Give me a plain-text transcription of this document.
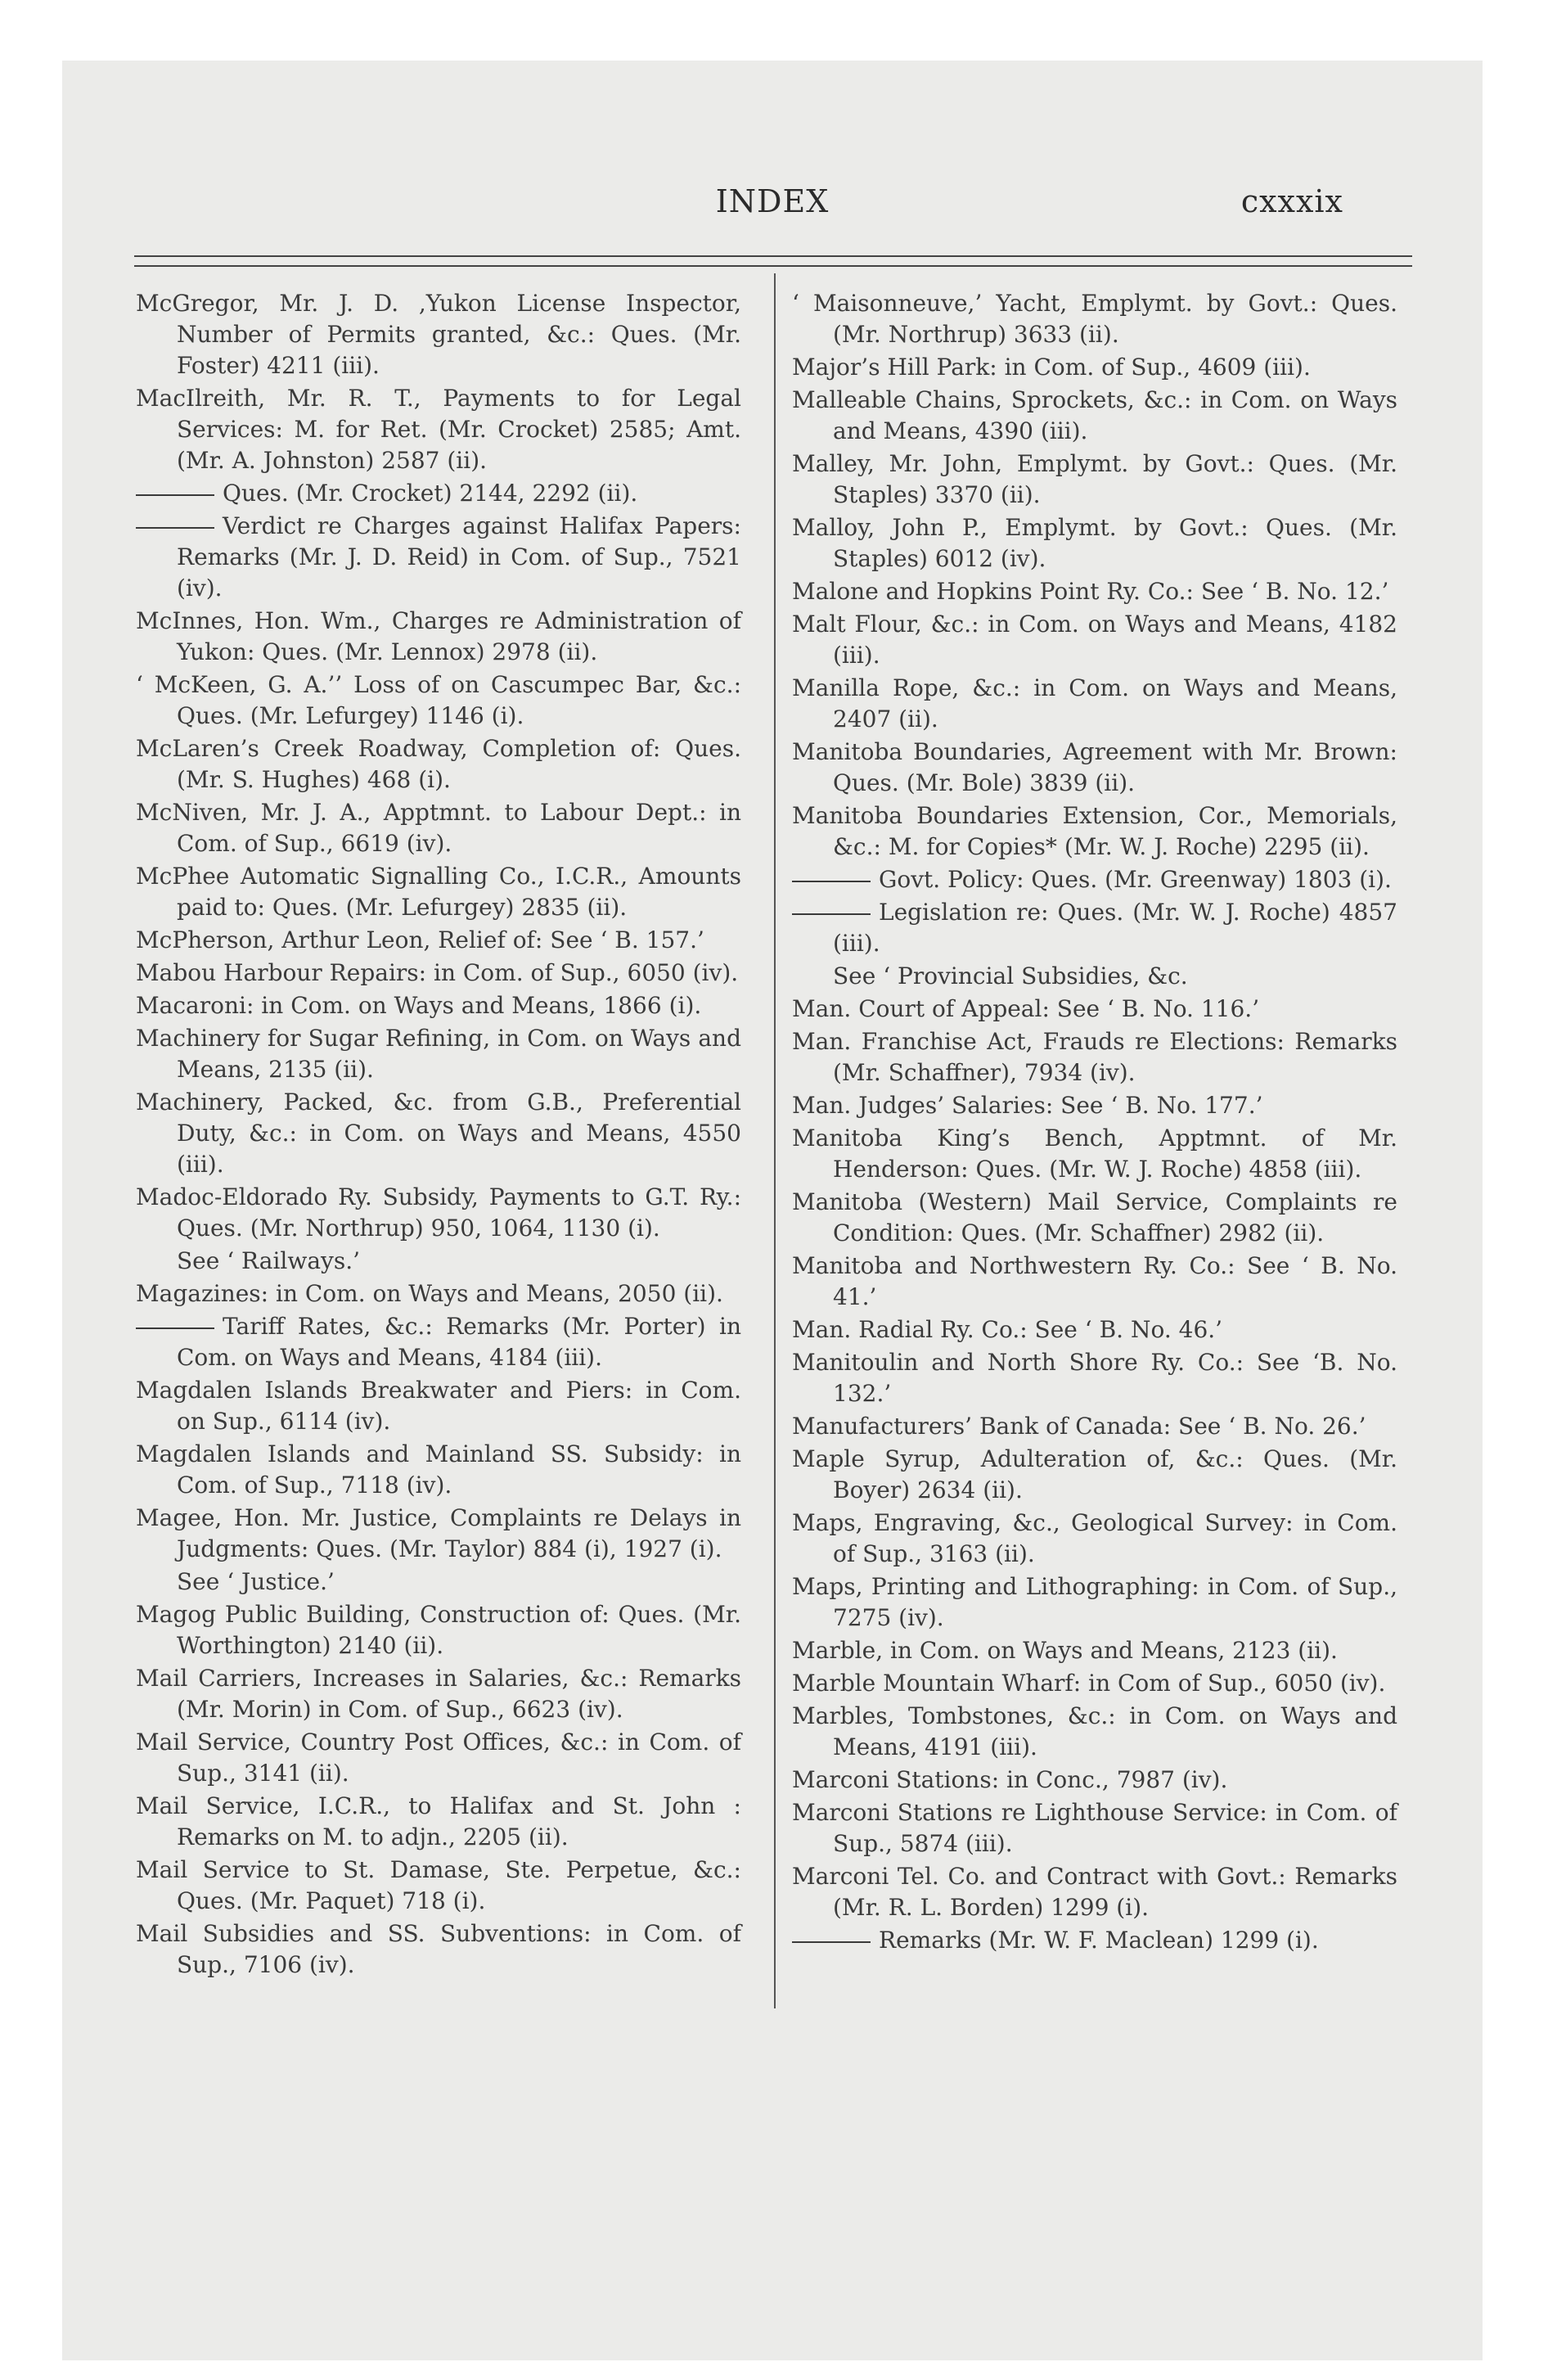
INDEX	cxxxix
McGregor, Mr. J. D. ,Yukon License Inspector, Number of Permits granted, &c.: Ques. (Mr. Foster) 4211 (iii).
MacIlreith, Mr. R. T., Payments to for Legal Services: M. for Ret. (Mr. Crocket) 2585; Amt. (Mr. A. Johnston) 2587 (ii).
Ques. (Mr. Crocket) 2144, 2292 (ii).
Verdict re Charges against Halifax Papers: Remarks (Mr. J. D. Reid) in Com. of Sup., 7521 (iv).
McInnes, Hon. Wm., Charges re Administration of Yukon: Ques. (Mr. Lennox) 2978 (ii).
‘ McKeen, G. A.’’ Loss of on Cascumpec Bar, &c.: Ques. (Mr. Lefurgey) 1146 (i).
McLaren’s Creek Roadway, Completion of: Ques. (Mr. S. Hughes) 468 (i).
McNiven, Mr. J. A., Apptmnt. to Labour Dept.: in Com. of Sup., 6619 (iv).
McPhee Automatic Signalling Co., I.C.R., Amounts paid to: Ques. (Mr. Lefurgey) 2835 (ii).
McPherson, Arthur Leon, Relief of: See ‘ B. 157.’
Mabou Harbour Repairs: in Com. of Sup., 6050 (iv).
Macaroni: in Com. on Ways and Means, 1866 (i).
Machinery for Sugar Refining, in Com. on Ways and Means, 2135 (ii).
Machinery, Packed, &c. from G.B., Preferential Duty, &c.: in Com. on Ways and Means, 4550 (iii).
Madoc-Eldorado Ry. Subsidy, Payments to G.T. Ry.: Ques. (Mr. Northrup) 950, 1064, 1130 (i).
See ‘ Railways.’
Magazines: in Com. on Ways and Means, 2050 (ii).
Tariff Rates, &c.: Remarks (Mr. Porter) in Com. on Ways and Means, 4184 (iii).
Magdalen Islands Breakwater and Piers: in Com. on Sup., 6114 (iv).
Magdalen Islands and Mainland SS. Subsidy: in Com. of Sup., 7118 (iv).
Magee, Hon. Mr. Justice, Complaints re Delays in Judgments: Ques. (Mr. Taylor) 884 (i), 1927 (i).
See ‘ Justice.’
Magog Public Building, Construction of: Ques. (Mr. Worthington) 2140 (ii).
Mail Carriers, Increases in Salaries, &c.: Remarks (Mr. Morin) in Com. of Sup., 6623 (iv).
Mail Service, Country Post Offices, &c.: in Com. of Sup., 3141 (ii).
Mail Service, I.C.R., to Halifax and St. John : Remarks on M. to adjn., 2205 (ii).
Mail Service to St. Damase, Ste. Perpetue, &c.: Ques. (Mr. Paquet) 718 (i).
Mail Subsidies and SS. Subventions: in Com. of Sup., 7106 (iv).
‘ Maisonneuve,’ Yacht, Emplymt. by Govt.: Ques. (Mr. Northrup) 3633 (ii).
Major’s Hill Park: in Com. of Sup., 4609 (iii).
Malleable Chains, Sprockets, &c.: in Com. on Ways and Means, 4390 (iii).
Malley, Mr. John, Emplymt. by Govt.: Ques. (Mr. Staples) 3370 (ii).
Malloy, John P., Emplymt. by Govt.: Ques. (Mr. Staples) 6012 (iv).
Malone and Hopkins Point Ry. Co.: See ‘ B. No. 12.’
Malt Flour, &c.: in Com. on Ways and Means, 4182 (iii).
Manilla Rope, &c.: in Com. on Ways and Means, 2407 (ii).
Manitoba Boundaries, Agreement with Mr. Brown: Ques. (Mr. Bole) 3839 (ii).
Manitoba Boundaries Extension, Cor., Memorials, &c.: M. for Copies* (Mr. W. J. Roche) 2295 (ii).
Govt. Policy: Ques. (Mr. Greenway) 1803 (i).
Legislation re: Ques. (Mr. W. J. Roche) 4857 (iii).
See ‘ Provincial Subsidies, &c.
Man. Court of Appeal: See ‘ B. No. 116.’
Man. Franchise Act, Frauds re Elections: Remarks (Mr. Schaffner), 7934 (iv).
Man. Judges’ Salaries: See ‘ B. No. 177.’
Manitoba King’s Bench, Apptmnt. of Mr. Henderson: Ques. (Mr. W. J. Roche) 4858 (iii).
Manitoba (Western) Mail Service, Complaints re Condition: Ques. (Mr. Schaffner) 2982 (ii).
Manitoba and Northwestern Ry. Co.: See ‘ B. No. 41.’
Man. Radial Ry. Co.: See ‘ B. No. 46.’
Manitoulin and North Shore Ry. Co.: See ‘B. No. 132.’
Manufacturers’ Bank of Canada: See ‘ B. No. 26.’
Maple Syrup, Adulteration of, &c.: Ques. (Mr. Boyer) 2634 (ii).
Maps, Engraving, &c., Geological Survey: in Com. of Sup., 3163 (ii).
Maps, Printing and Lithographing: in Com. of Sup., 7275 (iv).
Marble, in Com. on Ways and Means, 2123 (ii).
Marble Mountain Wharf: in Com of Sup., 6050 (iv).
Marbles, Tombstones, &c.: in Com. on Ways and Means, 4191 (iii).
Marconi Stations: in Conc., 7987 (iv).
Marconi Stations re Lighthouse Service: in Com. of Sup., 5874 (iii).
Marconi Tel. Co. and Contract with Govt.: Remarks (Mr. R. L. Borden) 1299 (i).
Remarks (Mr. W. F. Maclean) 1299 (i).
